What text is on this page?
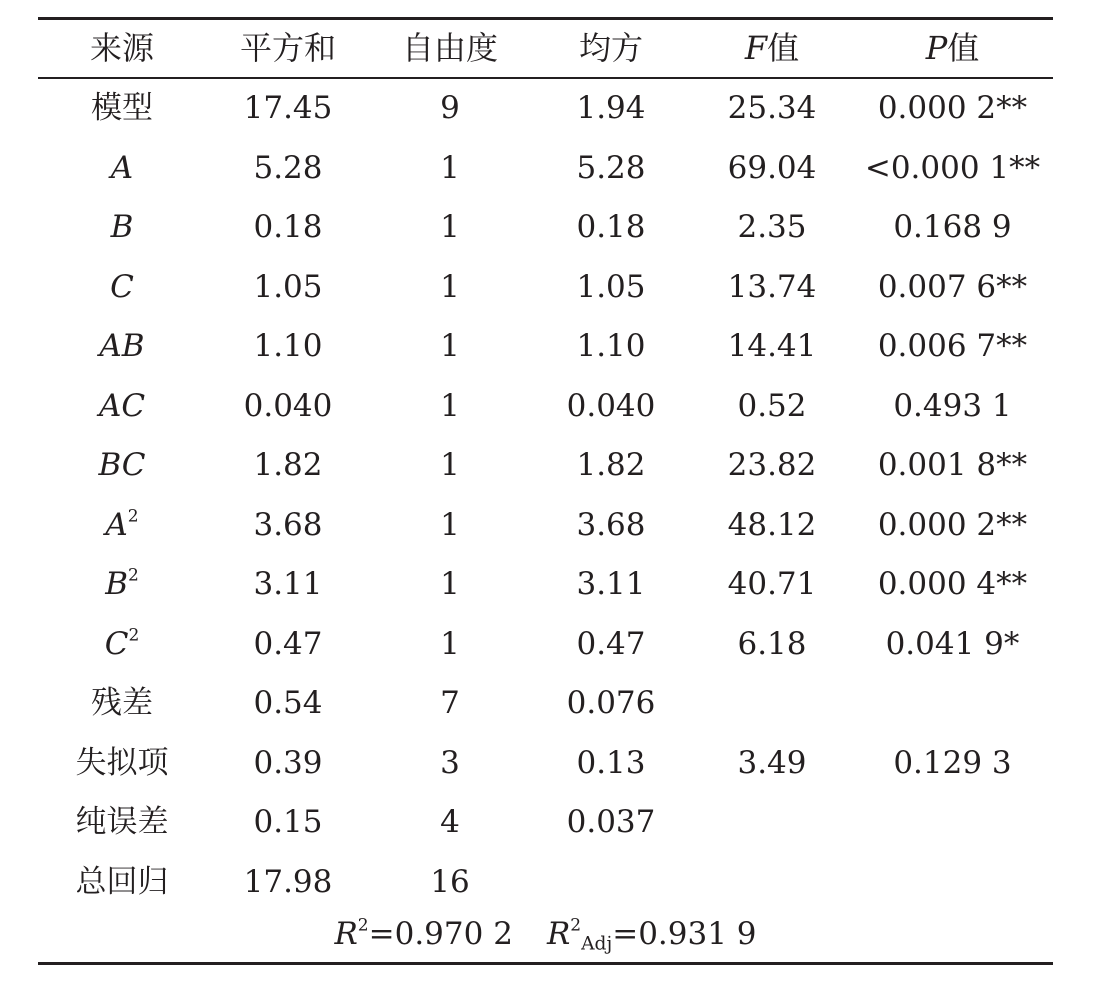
来源	平方和	自由度	均方	F值	P值
模型	17.45	9	1.94	25.34	0.000 2**
A	5.28	1	5.28	69.04	<0.000 1**
B	0.18	1	0.18	2.35	0.168 9
C	1.05	1	1.05	13.74	0.007 6**
AB	1.10	1	1.10	14.41	0.006 7**
AC	0.040	1	0.040	0.52	0.493 1
BC	1.82	1	1.82	23.82	0.001 8**
$A^2$	3.68	1	3.68	48.12	0.000 2**
$B^2$	3.11	1	3.11	40.71	0.000 4**
$C^2$	0.47	1	0.47	6.18	0.041 9*
残差	0.54	7	0.076
失拟项	0.39	3	0.13	3.49	0.129 3
纯误差	0.15	4	0.037
总回归	17.98	16
$R^2=0.970$ 2 $R^2_{Adj}=0.931$ 9
